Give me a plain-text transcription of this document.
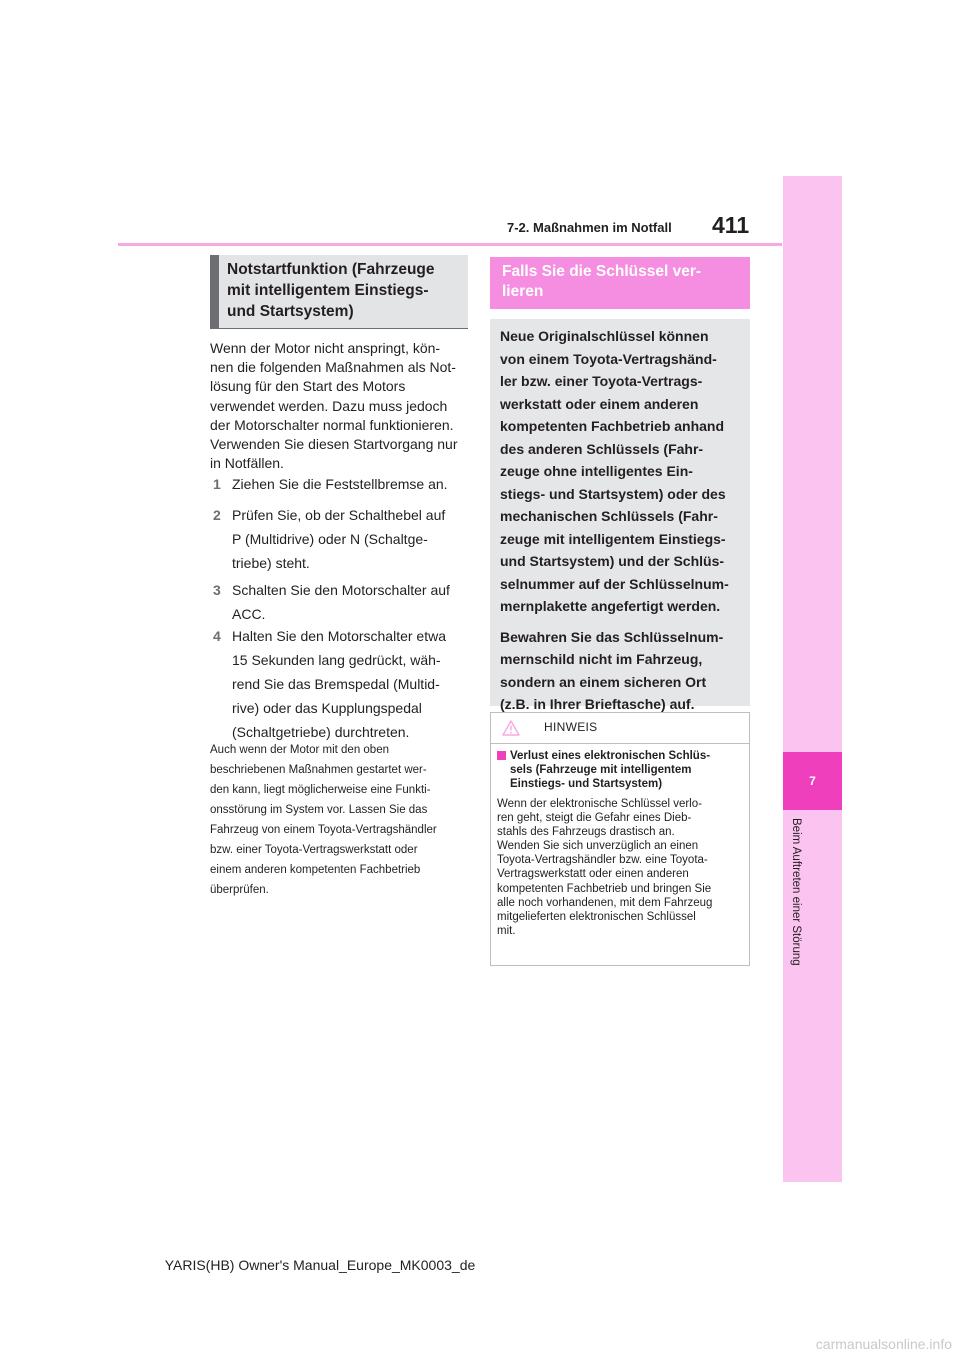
7-2. Maßnahmen im Notfall 411
7
Beim Auftreten einer Störung
Notstartfunktion (Fahrzeuge
mit intelligentem Einstiegs-
und Startsystem)
Wenn der Motor nicht anspringt, kön-
nen die folgenden Maßnahmen als Not-
lösung für den Start des Motors
verwendet werden. Dazu muss jedoch
der Motorschalter normal funktionieren.
Verwenden Sie diesen Startvorgang nur
in Notfällen.
1 Ziehen Sie die Feststellbremse an.
2 Prüfen Sie, ob der Schalthebel auf
P (Multidrive) oder N (Schaltge-
triebe) steht.
3 Schalten Sie den Motorschalter auf
ACC.
4 Halten Sie den Motorschalter etwa
15 Sekunden lang gedrückt, wäh-
rend Sie das Bremspedal (Multid-
rive) oder das Kupplungspedal
(Schaltgetriebe) durchtreten.
Auch wenn der Motor mit den oben
beschriebenen Maßnahmen gestartet wer-
den kann, liegt möglicherweise eine Funkti-
onsstörung im System vor. Lassen Sie das
Fahrzeug von einem Toyota-Vertragshändler
bzw. einer Toyota-Vertragswerkstatt oder
einem anderen kompetenten Fachbetrieb
überprüfen.
Falls Sie die Schlüssel ver-
lieren

Neue Originalschlüssel können
von einem Toyota-Vertragshänd-
ler bzw. einer Toyota-Vertrags-
werkstatt oder einem anderen
kompetenten Fachbetrieb anhand
des anderen Schlüssels (Fahr-
zeuge ohne intelligentes Ein-
stiegs- und Startsystem) oder des
mechanischen Schlüssels (Fahr-
zeuge mit intelligentem Einstiegs-
und Startsystem) und der Schlüs-
selnummer auf der Schlüsselnum-
mernplakette angefertigt werden.

Bewahren Sie das Schlüsselnum-
mernschild nicht im Fahrzeug,
sondern an einem sicheren Ort
(z.B. in Ihrer Brieftasche) auf.

HINWEIS
Verlust eines elektronischen Schlüs-
sels (Fahrzeuge mit intelligentem
Einstiegs- und Startsystem)
Wenn der elektronische Schlüssel verlo-
ren geht, steigt die Gefahr eines Dieb-
stahls des Fahrzeugs drastisch an.
Wenden Sie sich unverzüglich an einen
Toyota-Vertragshändler bzw. eine Toyota-
Vertragswerkstatt oder einen anderen
kompetenten Fachbetrieb und bringen Sie
alle noch vorhandenen, mit dem Fahrzeug
mitgelieferten elektronischen Schlüssel
mit.
YARIS(HB) Owner's Manual_Europe_MK0003_de
carmanualsonline.info
